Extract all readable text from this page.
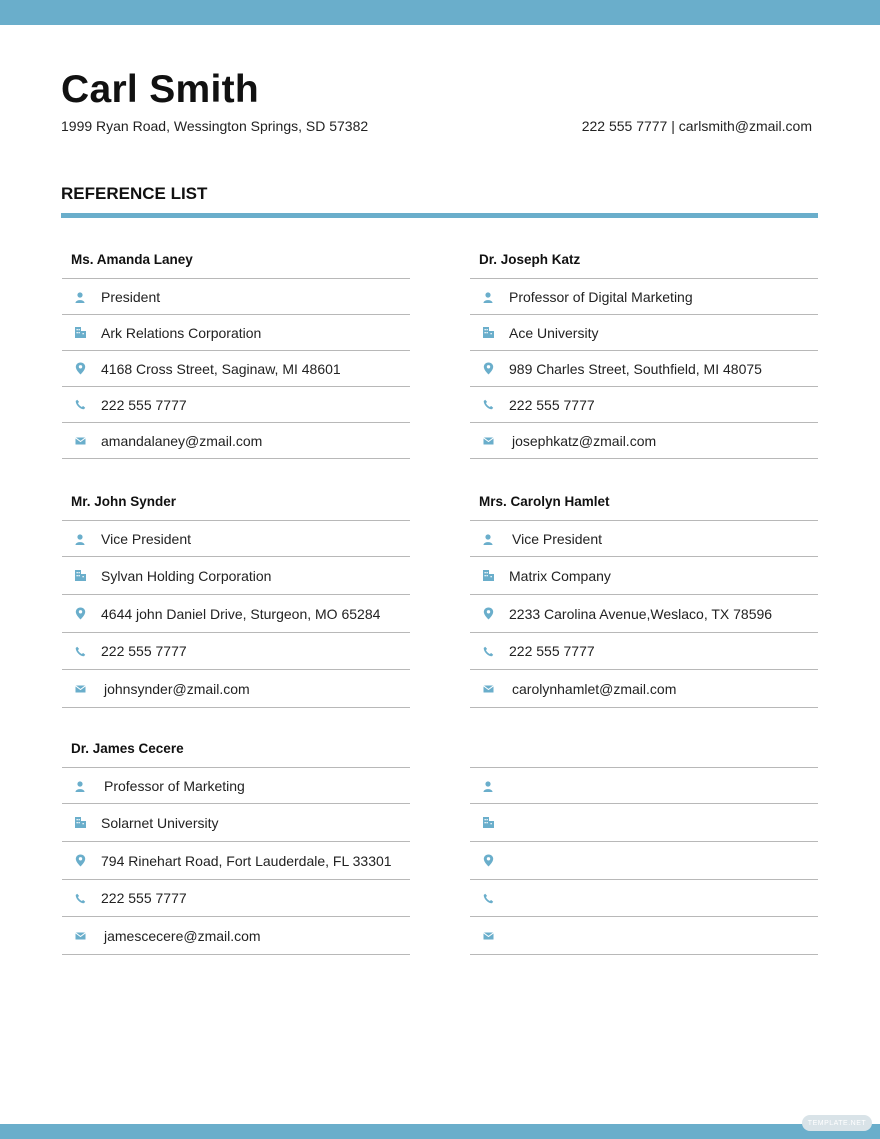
Carl Smith
1999 Ryan Road, Wessington Springs, SD 57382	222 555 7777 | carlsmith@zmail.com
REFERENCE LIST
Ms. Amanda Laney
President
Ark Relations Corporation
4168 Cross Street, Saginaw, MI 48601
222 555 7777
amandalaney@zmail.com
Dr. Joseph Katz
Professor of Digital Marketing
Ace University
989 Charles Street, Southfield, MI 48075
222 555 7777
josephkatz@zmail.com
Mr. John Synder
Vice President
Sylvan Holding Corporation
4644 john Daniel Drive, Sturgeon, MO 65284
222 555 7777
johnsynder@zmail.com
Mrs. Carolyn Hamlet
Vice President
Matrix Company
2233 Carolina Avenue,Weslaco, TX 78596
222 555 7777
carolynhamlet@zmail.com
Dr. James Cecere
Professor of Marketing
Solarnet University
794 Rinehart Road, Fort Lauderdale, FL 33301
222 555 7777
jamescecere@zmail.com
TEMPLATE.NET
